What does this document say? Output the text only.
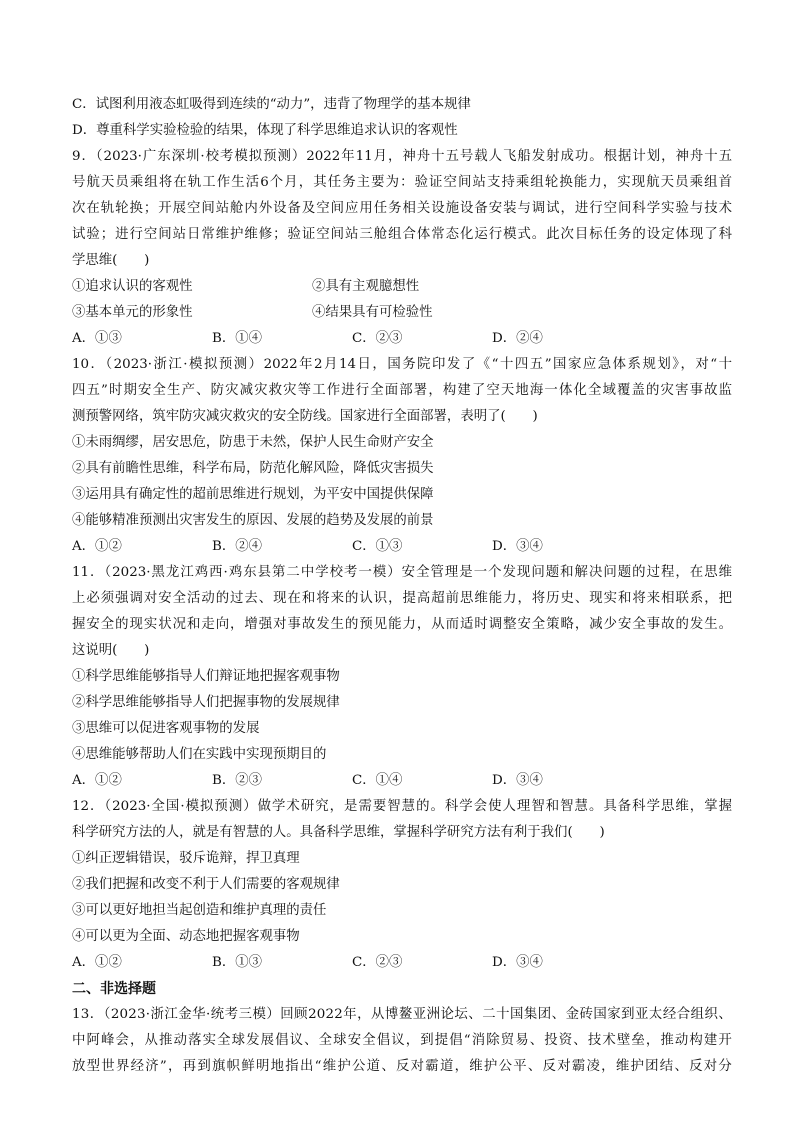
C．试图利用液态虹吸得到连续的“动力”，违背了物理学的基本规律
D．尊重科学实验检验的结果，体现了科学思维追求认识的客观性
9．（2023·广东深圳·校考模拟预测）2022年11月，神舟十五号载人飞船发射成功。根据计划，神舟十五
号航天员乘组将在轨工作生活6个月，其任务主要为：验证空间站支持乘组轮换能力，实现航天员乘组首
次在轨轮换；开展空间站舱内外设备及空间应用任务相关设施设备安装与调试，进行空间科学实验与技术
试验；进行空间站日常维护维修；验证空间站三舱组合体常态化运行模式。此次目标任务的设定体现了科
学思维(　　)
①追求认识的客观性	②具有主观臆想性
③基本单元的形象性	④结果具有可检验性
A．①③	B．①④	C．②③	D．②④
10．（2023·浙江·模拟预测）2022年2月14日，国务院印发了《“十四五”国家应急体系规划》，对“十
四五”时期安全生产、防灾减灾救灾等工作进行全面部署，构建了空天地海一体化全域覆盖的灾害事故监
测预警网络，筑牢防灾减灾救灾的安全防线。国家进行全面部署，表明了(　　)
①未雨绸缪，居安思危，防患于未然，保护人民生命财产安全
②具有前瞻性思维，科学布局，防范化解风险，降低灾害损失
③运用具有确定性的超前思维进行规划，为平安中国提供保障
④能够精准预测出灾害发生的原因、发展的趋势及发展的前景
A．①②	B．②④	C．①③	D．③④
11．（2023·黑龙江鸡西·鸡东县第二中学校考一模）安全管理是一个发现问题和解决问题的过程，在思维
上必须强调对安全活动的过去、现在和将来的认识，提高超前思维能力，将历史、现实和将来相联系，把
握安全的现实状况和走向，增强对事故发生的预见能力，从而适时调整安全策略，减少安全事故的发生。
这说明(　　)
①科学思维能够指导人们辩证地把握客观事物
②科学思维能够指导人们把握事物的发展规律
③思维可以促进客观事物的发展
④思维能够帮助人们在实践中实现预期目的
A．①②	B．②③	C．①④	D．③④
12．（2023·全国·模拟预测）做学术研究，是需要智慧的。科学会使人理智和智慧。具备科学思维，掌握
科学研究方法的人，就是有智慧的人。具备科学思维，掌握科学研究方法有利于我们(　　)
①纠正逻辑错误，驳斥诡辩，捍卫真理
②我们把握和改变不利于人们需要的客观规律
③可以更好地担当起创造和维护真理的责任
④可以更为全面、动态地把握客观事物
A．①②	B．①③	C．②③	D．③④
二、非选择题
13．（2023·浙江金华·统考三模）回顾2022年，从博鳌亚洲论坛、二十国集团、金砖国家到亚太经合组织、
中阿峰会，从推动落实全球发展倡议、全球安全倡议，到提倡“消除贸易、投资、技术壁垒，推动构建开
放型世界经济”，再到旗帜鲜明地指出“维护公道、反对霸道，维护公平、反对霸凌，维护团结、反对分
